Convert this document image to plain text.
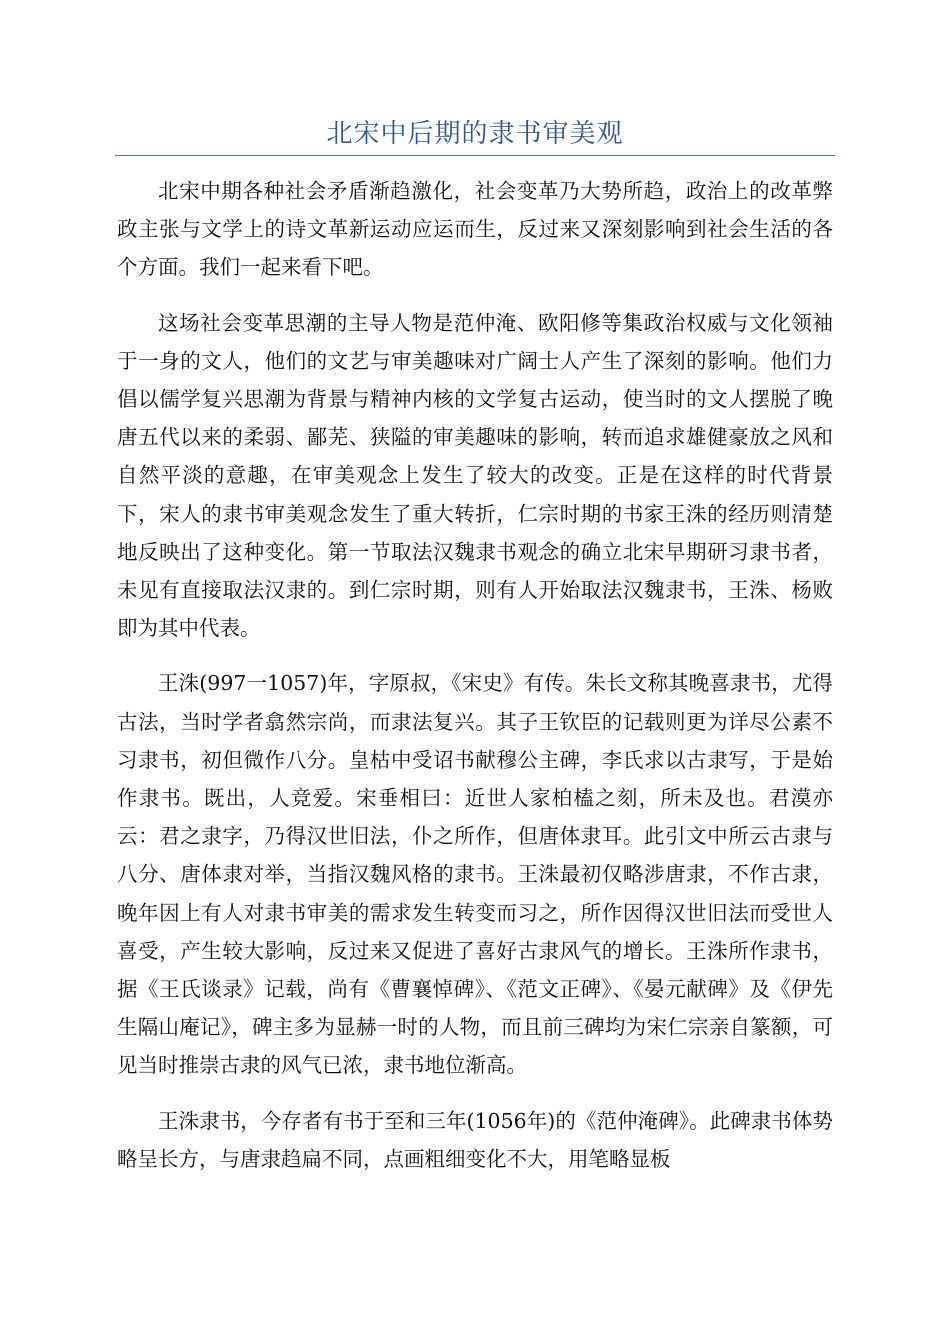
北宋中后期的隶书审美观

北宋中期各种社会矛盾渐趋激化，社会变革乃大势所趋，政治上的改革弊政主张与文学上的诗文革新运动应运而生，反过来又深刻影响到社会生活的各个方面。我们一起来看下吧。

这场社会变革思潮的主导人物是范仲淹、欧阳修等集政治权威与文化领袖于一身的文人，他们的文艺与审美趣味对广阔士人产生了深刻的影响。他们力倡以儒学复兴思潮为背景与精神内核的文学复古运动，使当时的文人摆脱了晚唐五代以来的柔弱、鄙芜、狭隘的审美趣味的影响，转而追求雄健豪放之风和自然平淡的意趣，在审美观念上发生了较大的改变。正是在这样的时代背景下，宋人的隶书审美观念发生了重大转折，仁宗时期的书家王洙的经历则清楚地反映出了这种变化。第一节取法汉魏隶书观念的确立北宋早期研习隶书者，未见有直接取法汉隶的。到仁宗时期，则有人开始取法汉魏隶书，王洙、杨败即为其中代表。

王洙(997一1057)年，字原叔，《宋史》有传。朱长文称其晚喜隶书，尤得古法，当时学者翕然宗尚，而隶法复兴。其子王钦臣的记载则更为详尽公素不习隶书，初但微作八分。皇枯中受诏书献穆公主碑，李氏求以古隶写，于是始作隶书。既出，人竞爱。宋垂相曰：近世人家柏榼之刻，所未及也。君漠亦云：君之隶字，乃得汉世旧法，仆之所作，但唐体隶耳。此引文中所云古隶与八分、唐体隶对举，当指汉魏风格的隶书。王洙最初仅略涉唐隶，不作古隶，晚年因上有人对隶书审美的需求发生转变而习之，所作因得汉世旧法而受世人喜受，产生较大影响，反过来又促进了喜好古隶风气的增长。王洙所作隶书，据《王氏谈录》记载，尚有《曹襄悼碑》、《范文正碑》、《晏元献碑》及《伊先生隔山庵记》，碑主多为显赫一时的人物，而且前三碑均为宋仁宗亲自篆额，可见当时推崇古隶的风气已浓，隶书地位渐高。

王洙隶书，今存者有书于至和三年(1056年)的《范仲淹碑》。此碑隶书体势略呈长方，与唐隶趋扁不同，点画粗细变化不大，用笔略显板
